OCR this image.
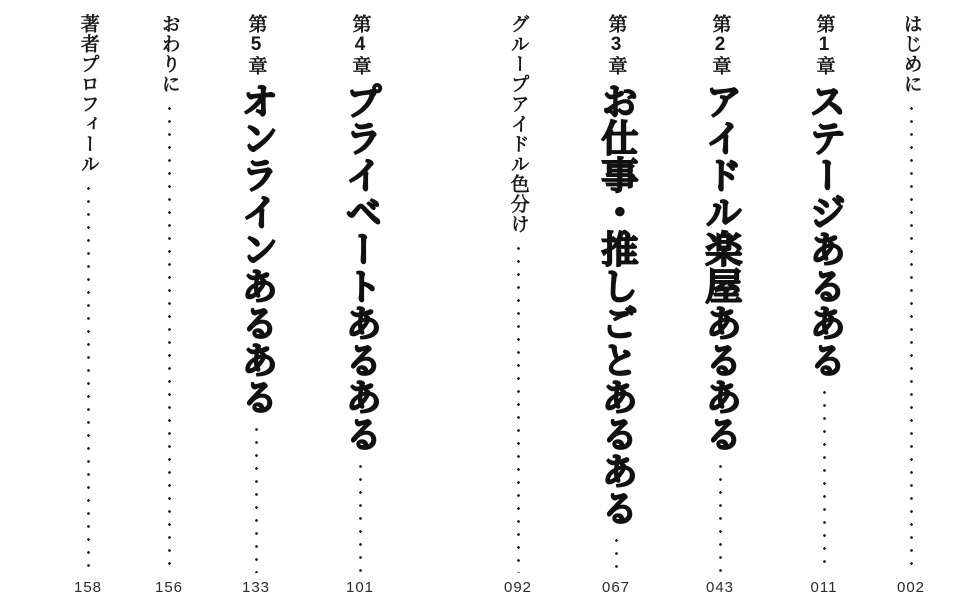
はじめに
002
第1章
ステージあるある
011
第2章
アイドル楽屋あるある
043
第3章
お仕事・推しごとあるある
067
グループアイドル色分け
092
第4章
プライベートあるある
101
第5章
オンラインあるある
133
おわりに
156
著者プロフィール
158
